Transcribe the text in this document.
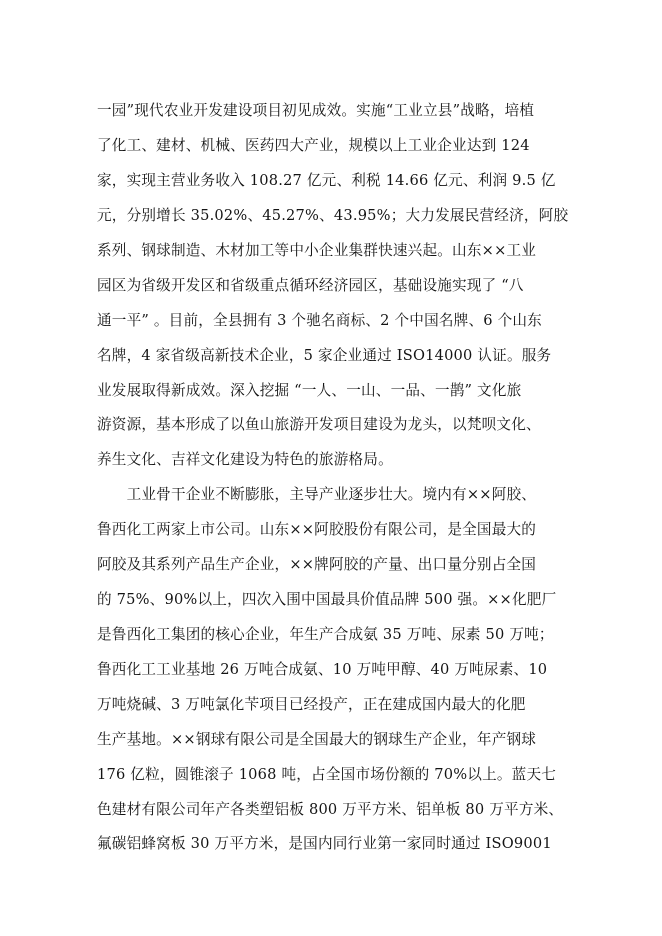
一园”现代农业开发建设项目初见成效。实施“工业立县”战略，培植
了化工、建材、机械、医药四大产业，规模以上工业企业达到 124
家，实现主营业务收入 108.27 亿元、利税 14.66 亿元、利润 9.5 亿
元，分别增长 35.02%、45.27%、43.95%；大力发展民营经济，阿胶
系列、钢球制造、木材加工等中小企业集群快速兴起。山东××工业
园区为省级开发区和省级重点循环经济园区，基础设施实现了 “八
通一平” 。目前，全县拥有 3 个驰名商标、2 个中国名牌、6 个山东
名牌，4 家省级高新技术企业，5 家企业通过 ISO14000 认证。服务
业发展取得新成效。深入挖掘 “一人、一山、一品、一鹊” 文化旅
游资源，基本形成了以鱼山旅游开发项目建设为龙头，以梵呗文化、
养生文化、吉祥文化建设为特色的旅游格局。
　　工业骨干企业不断膨胀，主导产业逐步壮大。境内有××阿胶、
鲁西化工两家上市公司。山东××阿胶股份有限公司，是全国最大的
阿胶及其系列产品生产企业，××牌阿胶的产量、出口量分别占全国
的 75%、90%以上，四次入围中国最具价值品牌 500 强。××化肥厂
是鲁西化工集团的核心企业，年生产合成氨 35 万吨、尿素 50 万吨；
鲁西化工工业基地 26 万吨合成氨、10 万吨甲醇、40 万吨尿素、10
万吨烧碱、3 万吨氯化苄项目已经投产，正在建成国内最大的化肥
生产基地。××钢球有限公司是全国最大的钢球生产企业，年产钢球
176 亿粒，圆锥滚子 1068 吨，占全国市场份额的 70%以上。蓝天七
色建材有限公司年产各类塑铝板 800 万平方米、铝单板 80 万平方米、
氟碳铝蜂窝板 30 万平方米，是国内同行业第一家同时通过 ISO9001
